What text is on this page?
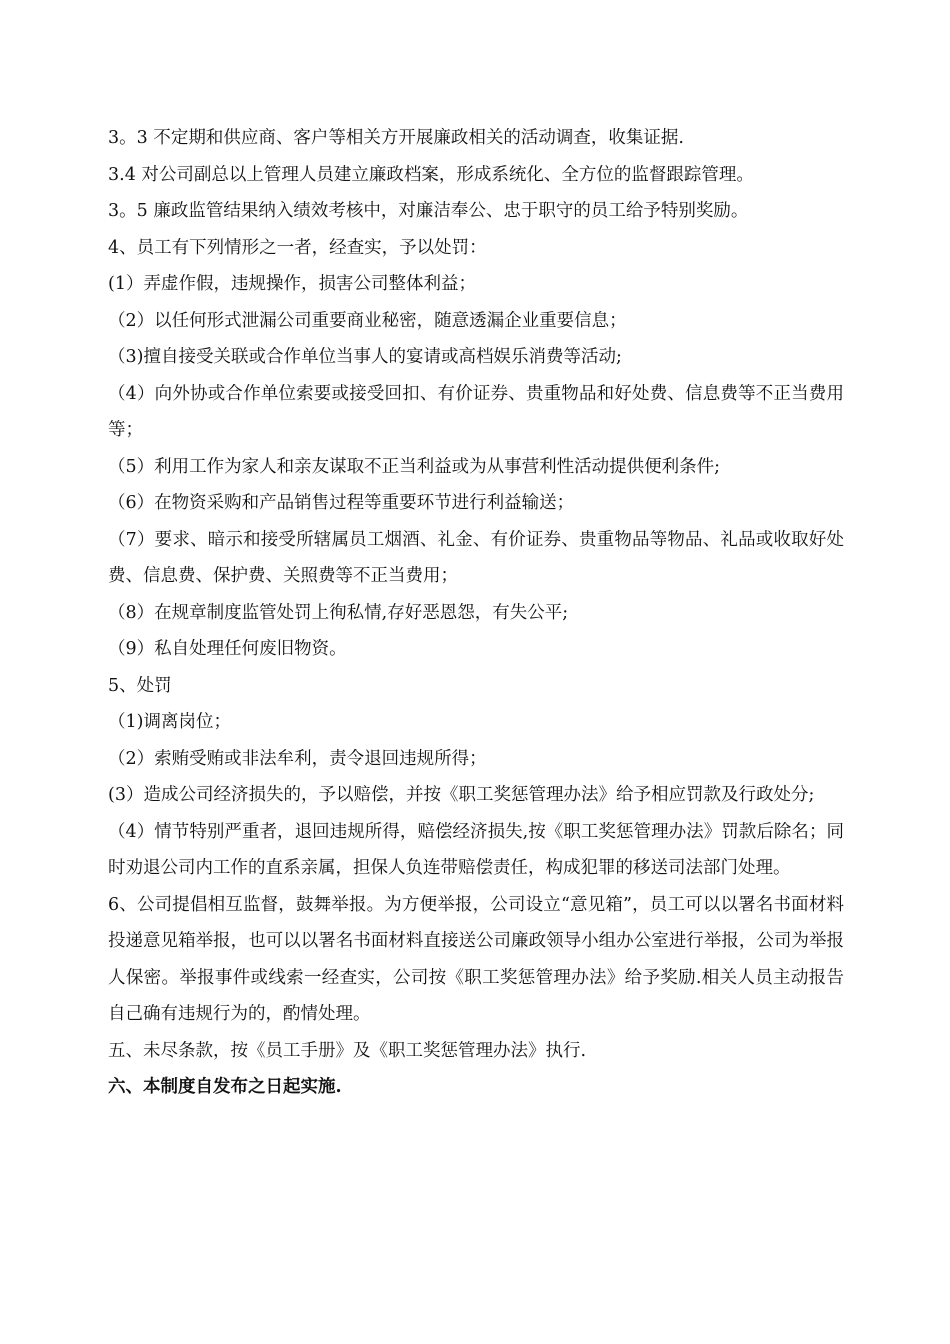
3。3 不定期和供应商、客户等相关方开展廉政相关的活动调查，收集证据.

3.4 对公司副总以上管理人员建立廉政档案，形成系统化、全方位的监督跟踪管理。

3。5 廉政监管结果纳入绩效考核中，对廉洁奉公、忠于职守的员工给予特别奖励。

4、员工有下列情形之一者，经查实，予以处罚：

(1）弄虚作假，违规操作，损害公司整体利益；

（2）以任何形式泄漏公司重要商业秘密，随意透漏企业重要信息；

（3)擅自接受关联或合作单位当事人的宴请或高档娱乐消费等活动;

（4）向外协或合作单位索要或接受回扣、有价证券、贵重物品和好处费、信息费等不正当费用等；

（5）利用工作为家人和亲友谋取不正当利益或为从事营利性活动提供便利条件;

（6）在物资采购和产品销售过程等重要环节进行利益输送；

（7）要求、暗示和接受所辖属员工烟酒、礼金、有价证券、贵重物品等物品、礼品或收取好处费、信息费、保护费、关照费等不正当费用；

（8）在规章制度监管处罚上徇私情,存好恶恩怨，有失公平;

（9）私自处理任何废旧物资。

5、处罚

（1)调离岗位；

（2）索贿受贿或非法牟利，责令退回违规所得；

(3）造成公司经济损失的，予以赔偿，并按《职工奖惩管理办法》给予相应罚款及行政处分;

（4）情节特别严重者，退回违规所得，赔偿经济损失,按《职工奖惩管理办法》罚款后除名；同时劝退公司内工作的直系亲属，担保人负连带赔偿责任，构成犯罪的移送司法部门处理。

6、公司提倡相互监督，鼓舞举报。为方便举报，公司设立“意见箱”，员工可以以署名书面材料投递意见箱举报，也可以以署名书面材料直接送公司廉政领导小组办公室进行举报，公司为举报人保密。举报事件或线索一经查实，公司按《职工奖惩管理办法》给予奖励.相关人员主动报告自己确有违规行为的，酌情处理。

五、未尽条款，按《员工手册》及《职工奖惩管理办法》执行.

六、本制度自发布之日起实施.
